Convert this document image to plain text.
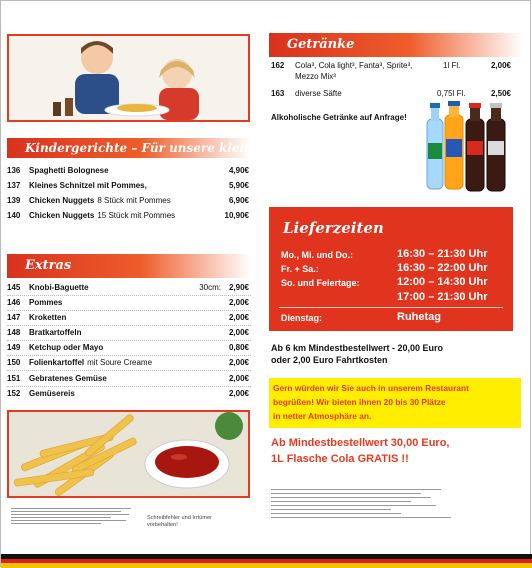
Kindergerichte – Für unsere kleinen Gäste
136	Spaghetti Bolognese	4,90€
137	Kleines Schnitzel mit Pommes,	5,90€
139	Chicken Nuggets 8 Stück mit Pommes	6,90€
140	Chicken Nuggets 15 Stück mit Pommes	10,90€
Extras
145	Knobi-Baguette	30cm: 2,90€
146	Pommes	2,00€
147	Kroketten	2,00€
148	Bratkartoffeln	2,00€
149	Ketchup oder Mayo	0,80€
150	Folienkartoffel mit Soure Creame	2,00€
151	Gebratenes Gemüse	2,00€
152	Gemüsereis	2,00€
Schreibfehler und Irrtümer
vorbehalten!
Getränke
162 Cola³, Cola light³, Fanta³, Sprite³,
Mezzo Mix³
1l Fl.	2,00€
163 diverse Säfte	0,75l Fl.	2,50€
Alkoholische Getränke auf Anfrage!
Lieferzeiten
Mo., Mi. und Do.:	16:30 – 21:30 Uhr
Fr. + Sa.:	16:30 – 22:00 Uhr
So. und Feiertage:	12:00 – 14:30 Uhr
17:00 – 21:30 Uhr
Dienstag:	Ruhetag
Ab 6 km Mindestbestellwert - 20,00 Euro
oder 2,00 Euro Fahrtkosten
Gern würden wir Sie auch in unserem Restaurant
begrüßen! Wir bieten ihnen 20 bis 30 Plätze
in netter Atmosphäre an.
Ab Mindestbestellwert 30,00 Euro,
1L Flasche Cola GRATIS !!
